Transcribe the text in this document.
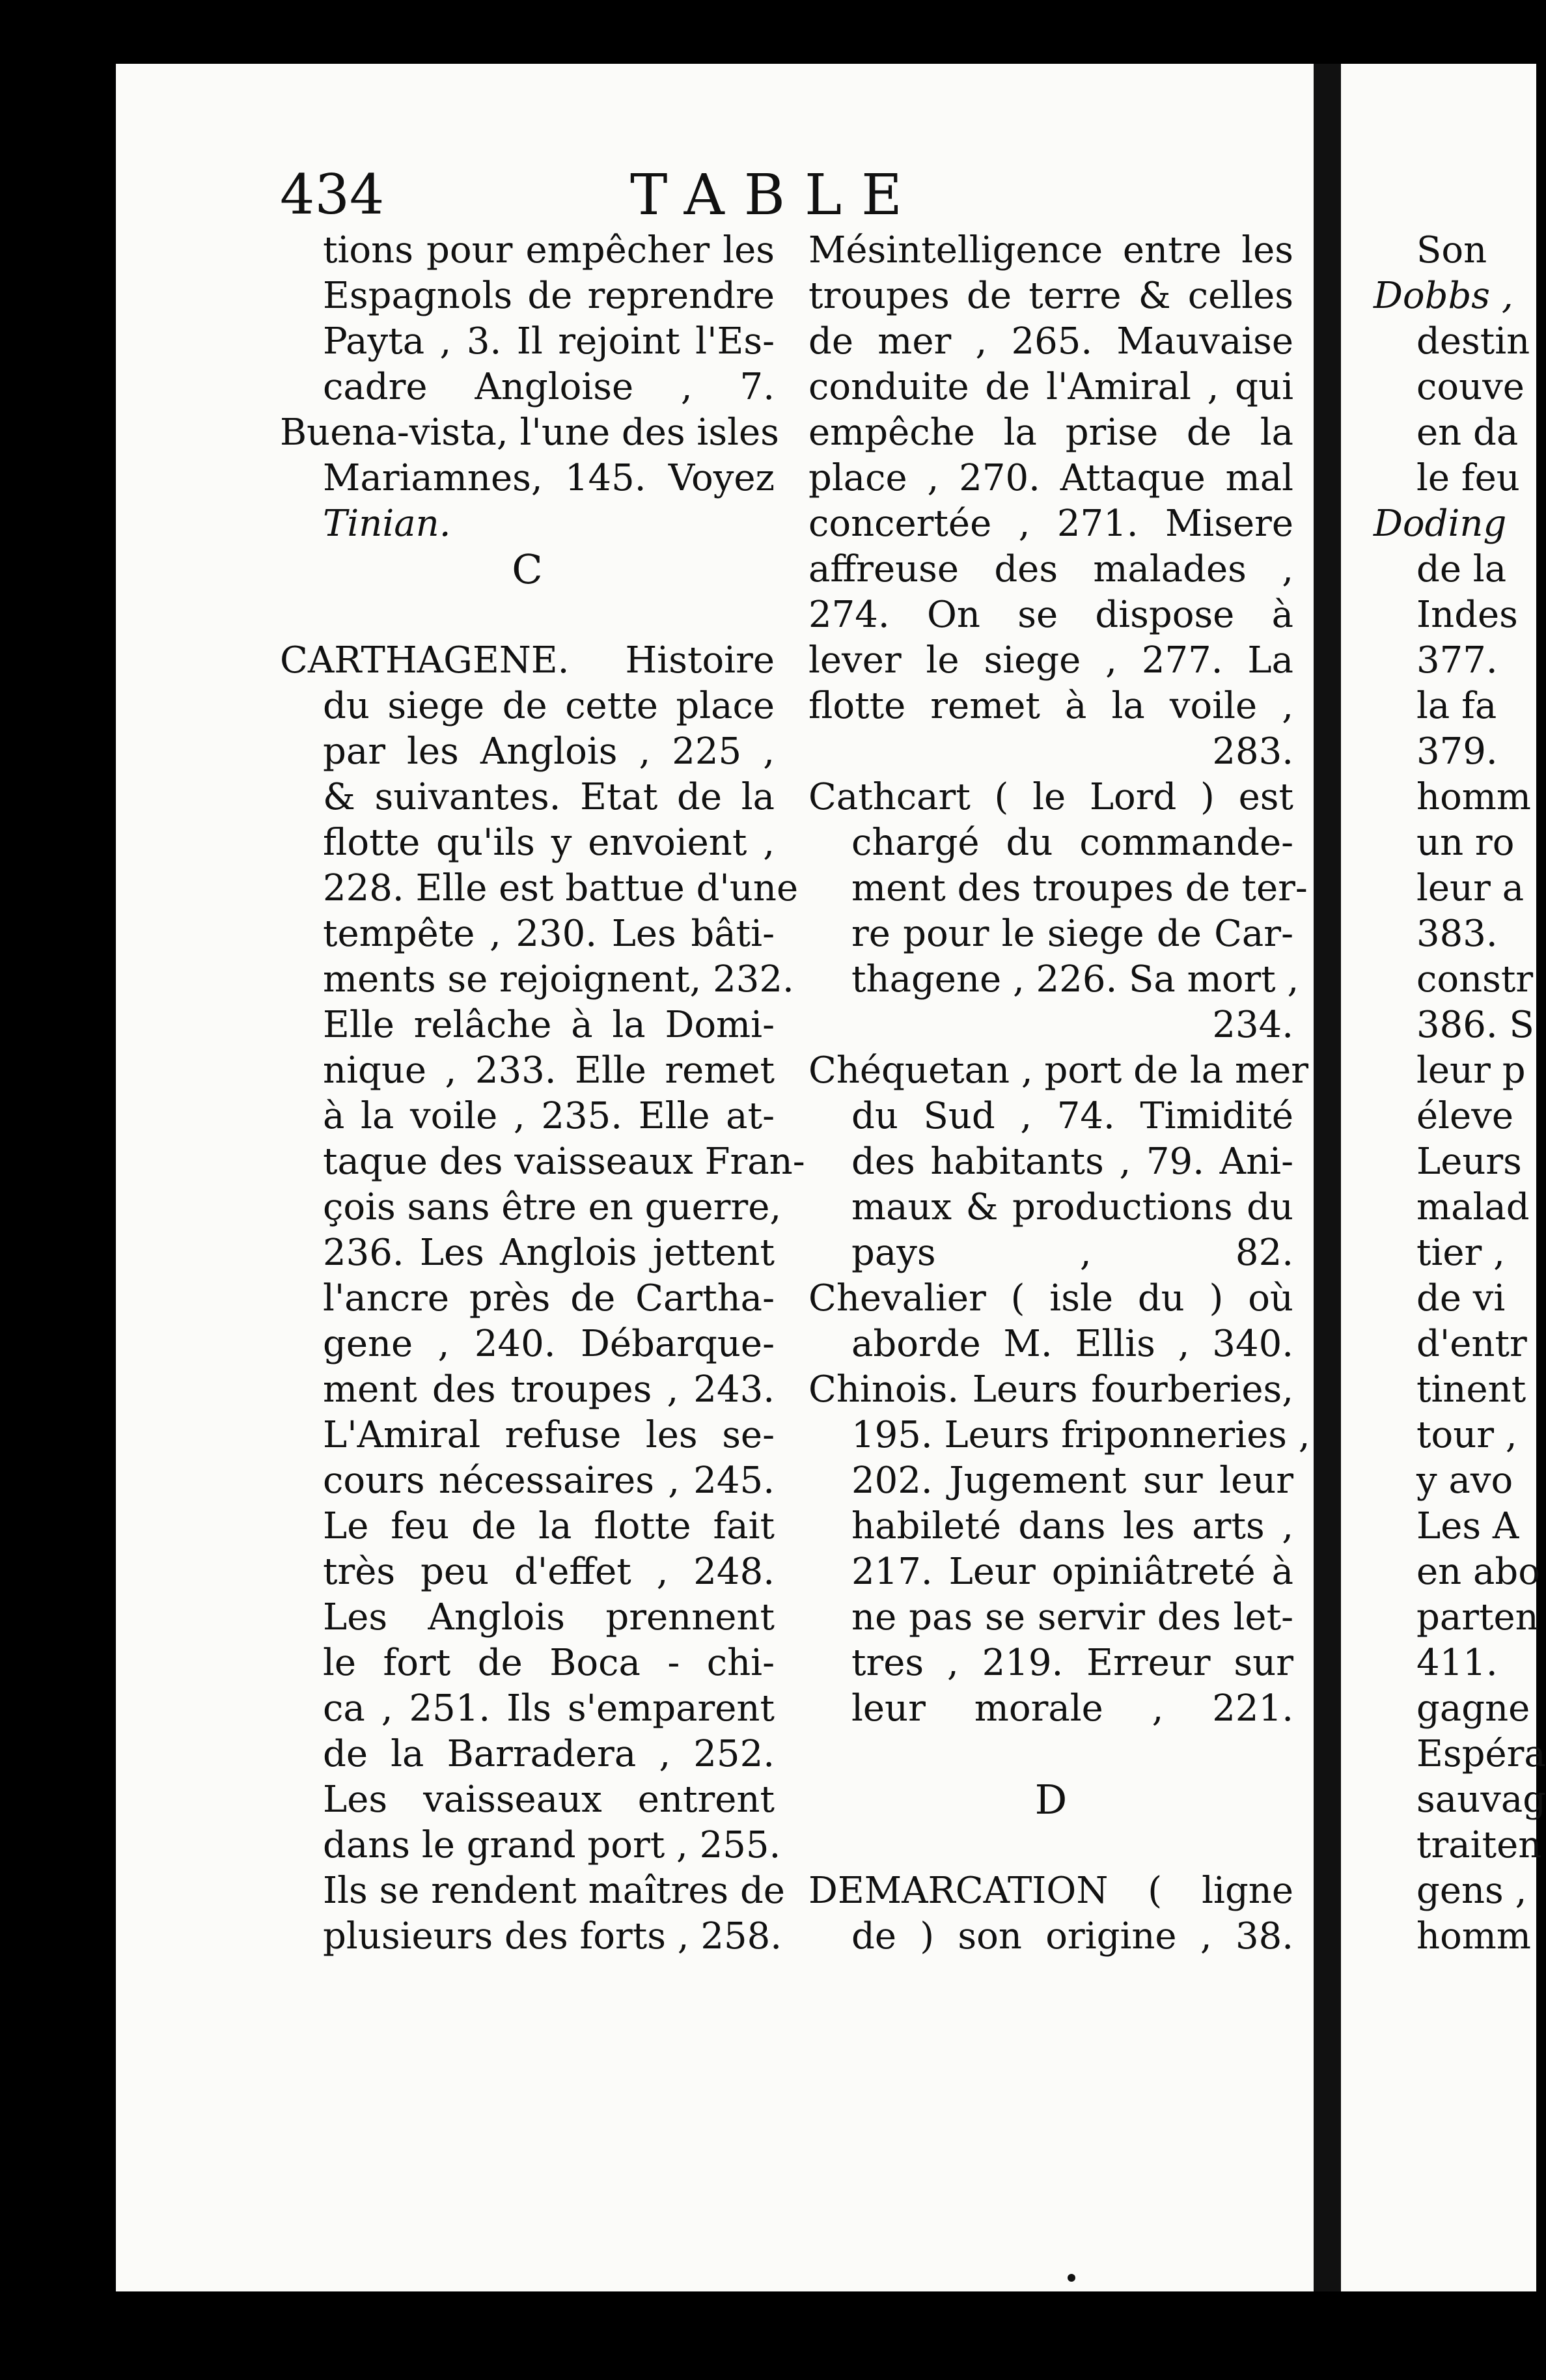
434	TABLE
tions pour empêcher les
Espagnols de reprendre
Payta , 3. Il rejoint l'Es-
cadre Angloise , 7.
Buena-vista, l'une des isles
Mariamnes, 145. Voyez
Tinian.
C
CARTHAGENE. Histoire
du siege de cette place
par les Anglois , 225 ,
& suivantes. Etat de la
flotte qu'ils y envoient ,
228. Elle est battue d'une
tempête , 230. Les bâti-
ments se rejoignent, 232.
Elle relâche à la Domi-
nique , 233. Elle remet
à la voile , 235. Elle at-
taque des vaisseaux Fran-
çois sans être en guerre,
236. Les Anglois jettent
l'ancre près de Cartha-
gene , 240. Débarque-
ment des troupes , 243.
L'Amiral refuse les se-
cours nécessaires , 245.
Le feu de la flotte fait
très peu d'effet , 248.
Les Anglois prennent
le fort de Boca - chi-
ca , 251. Ils s'emparent
de la Barradera , 252.
Les vaisseaux entrent
dans le grand port , 255.
Ils se rendent maîtres de
plusieurs des forts , 258.
Mésintelligence entre les
troupes de terre & celles
de mer , 265. Mauvaise
conduite de l'Amiral , qui
empêche la prise de la
place , 270. Attaque mal
concertée , 271. Misere
affreuse des malades ,
274. On se dispose à
lever le siege , 277. La
flotte remet à la voile ,
283.
Cathcart ( le Lord ) est
chargé du commande-
ment des troupes de ter-
re pour le siege de Car-
thagene , 226. Sa mort ,
234.
Chéquetan , port de la mer
du Sud , 74. Timidité
des habitants , 79. Ani-
maux & productions du
pays , 82.
Chevalier ( isle du ) où
aborde M. Ellis , 340.
Chinois. Leurs fourberies,
195. Leurs friponneries ,
202. Jugement sur leur
habileté dans les arts ,
217. Leur opiniâtreté à
ne pas se servir des let-
tres , 219. Erreur sur
leur morale , 221.
D
DEMARCATION ( ligne
de ) son origine , 38.
Son
Dobbs ,
destin
couve
en da
le feu
Doding
de la
Indes
377.
la fa
379.
homm
un ro
leur a
383.
constr
386. S
leur p
éleve
Leurs
malad
tier ,
de vi
d'entr
tinent
tour ,
y avo
Les A
en abo
parten
411.
gagne
Espéra
sauvag
traiten
gens ,
homm
